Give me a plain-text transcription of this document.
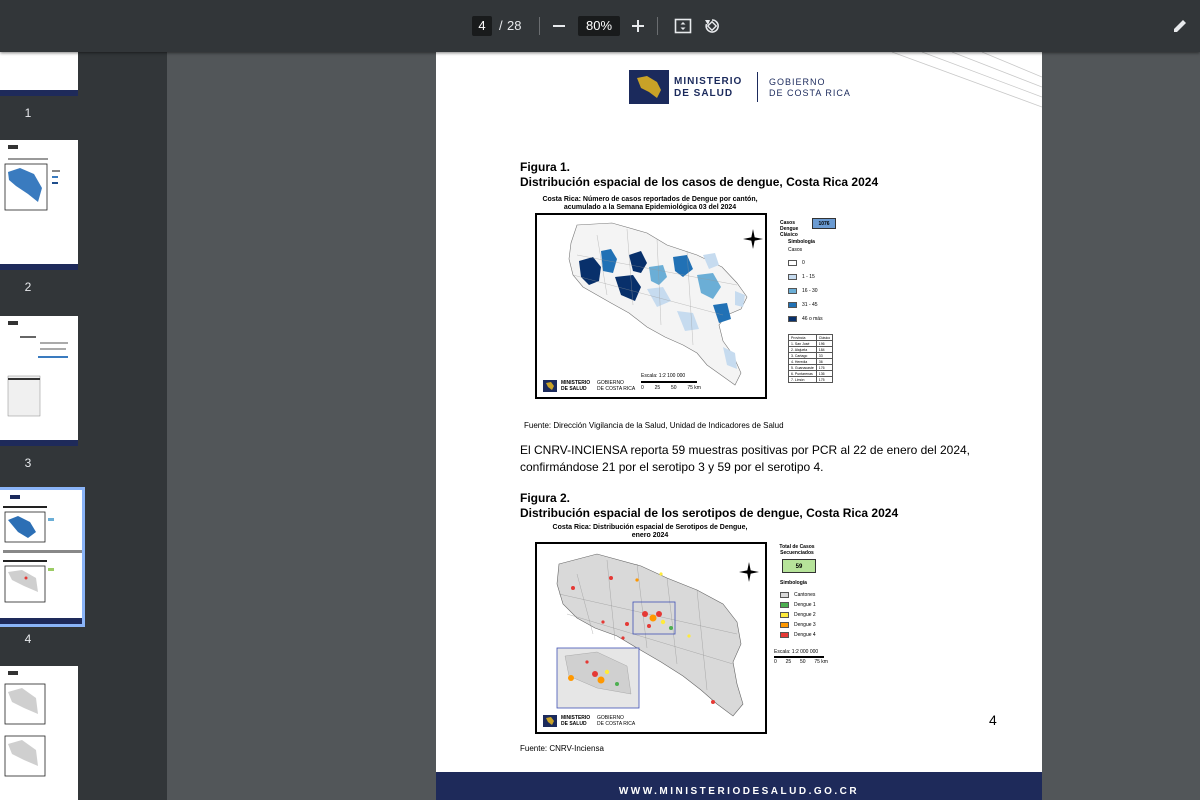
4	/ 28	80%
1
2
3
4
MINISTERIO
DE SALUD
GOBIERNO
DE COSTA RICA
Figura 1.
Distribución espacial de los casos de dengue, Costa Rica 2024
Costa Rica: Número de casos reportados de Dengue por cantón,
acumulado a la Semana Epidemiológica 03 del 2024
MINISTERIO
DE SALUD
GOBIERNO
DE COSTA RICA
Escala: 1:2 100 000
0 25 50 75 km
Casos Dengue Clásico
1076
Simbología
Casos
0
1 - 15
16 - 30
31 - 45
46 o más
Provincia	Clásico
1. San José	196
2. Alajuela	184
3. Cartago	33
4. Heredia	36
5. Guanacaste	176
6. Puntarenas	136
7. Limón	175
Fuente: Dirección Vigilancia de la Salud, Unidad de Indicadores de Salud
El CNRV-INCIENSA reporta 59 muestras positivas por PCR al 22 de enero del 2024, confirmándose 21 por el serotipo 3 y 59 por el serotipo 4.
Figura 2.
Distribución espacial de los serotipos de dengue, Costa Rica 2024
Costa Rica: Distribución espacial de Serotipos de Dengue,
enero 2024
MINISTERIO
DE SALUD
GOBIERNO
DE COSTA RICA
Total de Casos Secuenciados
59
Simbología
Cantones
Dengue 1
Dengue 2
Dengue 3
Dengue 4
Escala: 1:2 000 000
0 25 50 75 km
Fuente: CNRV-Inciensa
4
WWW.MINISTERIODESALUD.GO.CR
